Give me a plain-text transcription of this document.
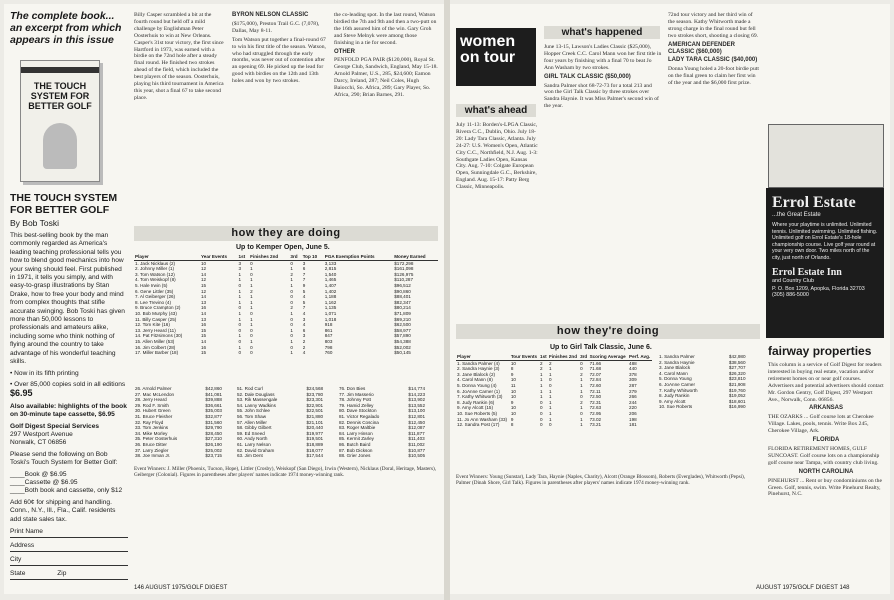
The complete book... an excerpt from which appears in this issue
THE TOUCH SYSTEM FOR BETTER GOLF
THE TOUCH SYSTEM FOR BETTER GOLF
By Bob Toski

This best-selling book by the man commonly regarded as America's leading teaching professional tells you how to blend good mechanics into how your swing should feel. First published in 1971, it tells you simply, and with easy-to-grasp illustrations by Stan Drake, how to free your body and mind from complex thoughts that stifle accurate swinging. Bob Toski has given more than 50,000 lessons to professionals and amateurs alike, including some who think nothing of flying around the country to take advantage of his wonderful teaching skills.

• Now in its fifth printing

• Over 85,000 copies sold in all editions $6.95

Also available: highlights of the book on 30-minute tape cassette, $6.95

Golf Digest Special Services

297 Westport Avenue

Norwalk, CT 06856

Please send the following on Bob Toski's Touch System for Better Golf:

____Book @ $6.95

____Cassette @ $6.95

____Both book and cassette, only $12

Add 60¢ for shipping and handling. Conn., N.Y., Ill., Fla., Calif. residents add state sales tax.

Print Name
Address
City
State	Zip

Billy Casper scrambled a bit at the fourth round but held off a mild challenge by Englishman Peter Oosterhuis to win at New Orleans. Casper's 31st tour victory, the first since Hartford in 1973, was earned with a birdie on the 72nd hole after a steady final round. He finished two strokes ahead of the field, which included the best players of the season. Oosterhuis, playing his third tournament in America this year, shot a final 67 to take second place.

BYRON NELSON CLASSIC

($175,000), Preston Trail G.C. (7,078), Dallas, May 8-11.

Tom Watson put together a final-round 67 to win his first title of the season. Watson, who had struggled through the early months, was never out of contention after an opening 69. He picked up the lead for good with birdies on the 12th and 13th holes and won by two strokes.

the co-leading spot. In the last round, Watson birdied the 7th and 9th and then a two-putt on the 16th assured him of the win. Gary Groh and Steve Melnyk were among those finishing in a tie for second.

OTHER

PENFOLD PGA PAIR ($120,000), Royal St. George Club, Sandwich, England, May 15-18. Arnold Palmer, U.S., 285, $24,600; Eamon Darcy, Ireland, 287; Neil Coles, Hugh Baiocchi, So. Africa, 289; Gary Player, So. Africa, 290; Brian Barnes, 291.

how they are doing
Up to Kemper Open, June 5.
Player	Year Events	1st	Finishes 2nd	3rd	Top 10	PGA Exemption Points	Money Earned
1. Jack Nicklaus (2)	10	3	0	0	3	3,133	$172,298
2. Johnny Miller (1)	12	3	1	1	6	2,815	$161,098
3. Tom Watson (12)	14	1	0	2	7	1,540	$126,975
4. Tom Weiskopf (8)	12	1	1	1	7	1,465	$110,287
5. Hale Irwin (5)	15	0	1	1	9	1,407	$96,512
6. Gene Littler (35)	12	1	2	0	5	1,402	$90,860
7. Al Geiberger (26)	14	1	1	0	4	1,188	$88,401
8. Lee Trevino (4)	13	1	1	0	5	1,162	$82,347
9. Bruce Crampton (2)	16	0	1	2	7	1,135	$80,214
10. Bob Murphy (43)	14	1	0	1	4	1,071	$71,809
11. Billy Casper (25)	13	1	1	0	3	1,018	$69,210
12. Tom Kite (16)	16	0	1	0	4	918	$62,500
13. Jerry Heard (11)	15	0	0	1	6	861	$58,977
14. Pat Fitzsimons (30)	15	1	0	0	3	847	$57,890
15. Allen Miller (53)	14	0	1	1	2	803	$54,388
16. Jim Colbert (28)	16	1	0	0	2	798	$52,002
17. Miller Barber (18)	15	0	0	1	4	760	$50,145
26. Arnold Palmer	$42,860
27. Mac McLendon	$41,081
28. Jerry Heard	$39,888
29. Rod F. Smith	$36,661
30. Hubert Green	$35,003
31. Bruce Fleisher	$32,877
32. Ray Floyd	$31,560
33. Tom Jenkins	$29,790
34. Mike Morley	$28,450
35. Peter Oosterhuis	$27,310
36. Bruce Ditter	$26,190
37. Larry Ziegler	$25,002
38. Joe Inman Jr.	$23,715
51. Rod Curl	$24,568
52. Dale Douglass	$23,780
53. Rik Massengale	$23,301
54. Lanny Wadkins	$22,901
55. John Schlee	$22,501
56. Tom Shaw	$21,880
57. Allen Miller	$21,101
58. Gibby Gilbert	$20,440
59. Ed Sneed	$19,977
60. Andy North	$19,501
61. Larry Nelson	$18,889
62. David Graham	$18,077
63. Jim Dent	$17,544
76. Don Bies	$14,774
77. Jim Masserio	$14,223
78. Johnny Pott	$13,902
79. Hamid Zelley	$13,552
80. Dave Stockton	$13,100
81. Victor Regalado	$12,801
82. Dennis Coscina	$12,450
83. Roger Maltbie	$12,087
84. Larry Hinson	$11,877
85. Kermit Zarley	$11,403
86. Butch Baird	$11,002
87. Bob Dickson	$10,877
88. Grier Jones	$10,505
Event Winners: J. Miller (Phoenix, Tucson, Hope), Littler (Crosby), Weiskopf (San Diego), Irwin (Western), Nicklaus (Doral, Heritage, Masters), Geiberger (Colonial). Figures in parentheses after players' names indicate 1974 money-winning rank.
146 AUGUST 1975/GOLF DIGEST
women on tour
what's ahead
July 11-13: Borden's-LPGA Classic, Rivera C.C., Dublin, Ohio. July 18-20: Lady Tara Classic, Atlanta. July 24-27: U.S. Women's Open, Atlantic City C.C., Northfield, N.J. Aug. 1-3: Southgate Ladies Open, Kansas City. Aug. 7-10: Colgate European Open, Sunningdale G.C., Berkshire, England. Aug. 15-17: Patty Berg Classic, Minneapolis.
what's happened

June 13-15, Lawson's Ladies Classic ($25,000), Hopper Creek C.C. Carol Mann won her first title in four years by finishing with a final 70 to beat Jo Ann Washam by two strokes.

GIRL TALK CLASSIC ($50,000)

Sandra Palmer shot 68-72-73 for a total 213 and won the Girl Talk Classic by three strokes over Sandra Haynie. It was Miss Palmer's second win of the year.

72nd tour victory and her third win of the season. Kathy Whitworth made a strong charge in the final round but fell two strokes short, shooting a closing 69.

AMERICAN DEFENDER CLASSIC ($60,000)

LADY TARA CLASSIC ($40,000)

Donna Young holed a 20-foot birdie putt on the final green to claim her first win of the year and the $6,000 first prize.

how they're doing
Up to Girl Talk Classic, June 6.
Player	Tour Events	1st	Finishes 2nd	3rd	Scoring Average	Perf. Avg.
1. Sandra Palmer (4)	10	2	2	0	71.66	488
2. Sandra Haynie (3)	8	2	1	0	71.68	440
3. Jane Blalock (2)	9	1	1	2	72.07	378
4. Carol Mann (8)	10	1	0	1	72.84	309
5. Donna Young (4)	11	1	0	1	72.60	287
6. JoAnne Carner (1)	10	1	1	1	72.11	279
7. Kathy Whitworth (3)	10	1	1	0	72.50	266
8. Judy Rankin (6)	9	0	1	2	72.31	244
9. Amy Alcott (15)	10	0	1	1	72.63	220
10. Sue Roberts (5)	10	0	1	0	72.95	206
11. Jo Ann Washam (33)	9	0	1	1	73.02	198
12. Sandra Post (17)	8	0	0	1	73.21	181
1. Sandra Palmer	$42,980
2. Sandra Haynie	$38,560
3. Jane Blalock	$27,707
4. Carol Mann	$26,320
5. Donna Young	$23,810
6. JoAnne Carner	$21,908
7. Kathy Whitworth	$19,760
8. Judy Rankin	$19,052
9. Amy Alcott	$18,601
10. Sue Roberts	$16,990
Event Winners: Young (Sunstar), Lady Tara, Haynie (Naples, Charity), Alcott (Orange Blossom), Roberts (Everglades), Whitworth (Pepsi), Palmer (Dinah Shore, Girl Talk). Figures in parentheses after players' names indicate 1974 money-winning rank.
Errol Estate
...the Great Estate
Where your playtime is unlimited. Unlimited tennis. Unlimited swimming. Unlimited fishing. Unlimited golf on Errol Estate's 18-hole championship course. Live golf year round at your very own door. Two miles north of the city, just north of Orlando.
Errol Estate Inn
and Country Club
P. O. Box 1209, Apopka, Florida 32703
(305) 886-5000
fairway properties

This column is a service of Golf Digest for readers interested in buying real estate, vacation and/or retirement homes on or near golf courses. Advertisers and potential advertisers should contact Mr. Gordon Gentry, Golf Digest, 297 Westport Ave., Norwalk, Conn. 06856.

ARKANSAS

THE OZARKS ... Golf course lots at Cherokee Village. Lakes, pools, tennis. Write Box 245, Cherokee Village, Ark.

FLORIDA

FLORIDA RETIREMENT HOMES, GULF SUNCOAST. Golf course lots on a championship golf course near Tampa, with country club living.

NORTH CAROLINA

PINEHURST ... Rent or buy condominiums on the Green. Golf, tennis, swim. Write Pinehurst Realty, Pinehurst, N.C.

AUGUST 1975/GOLF DIGEST 148
